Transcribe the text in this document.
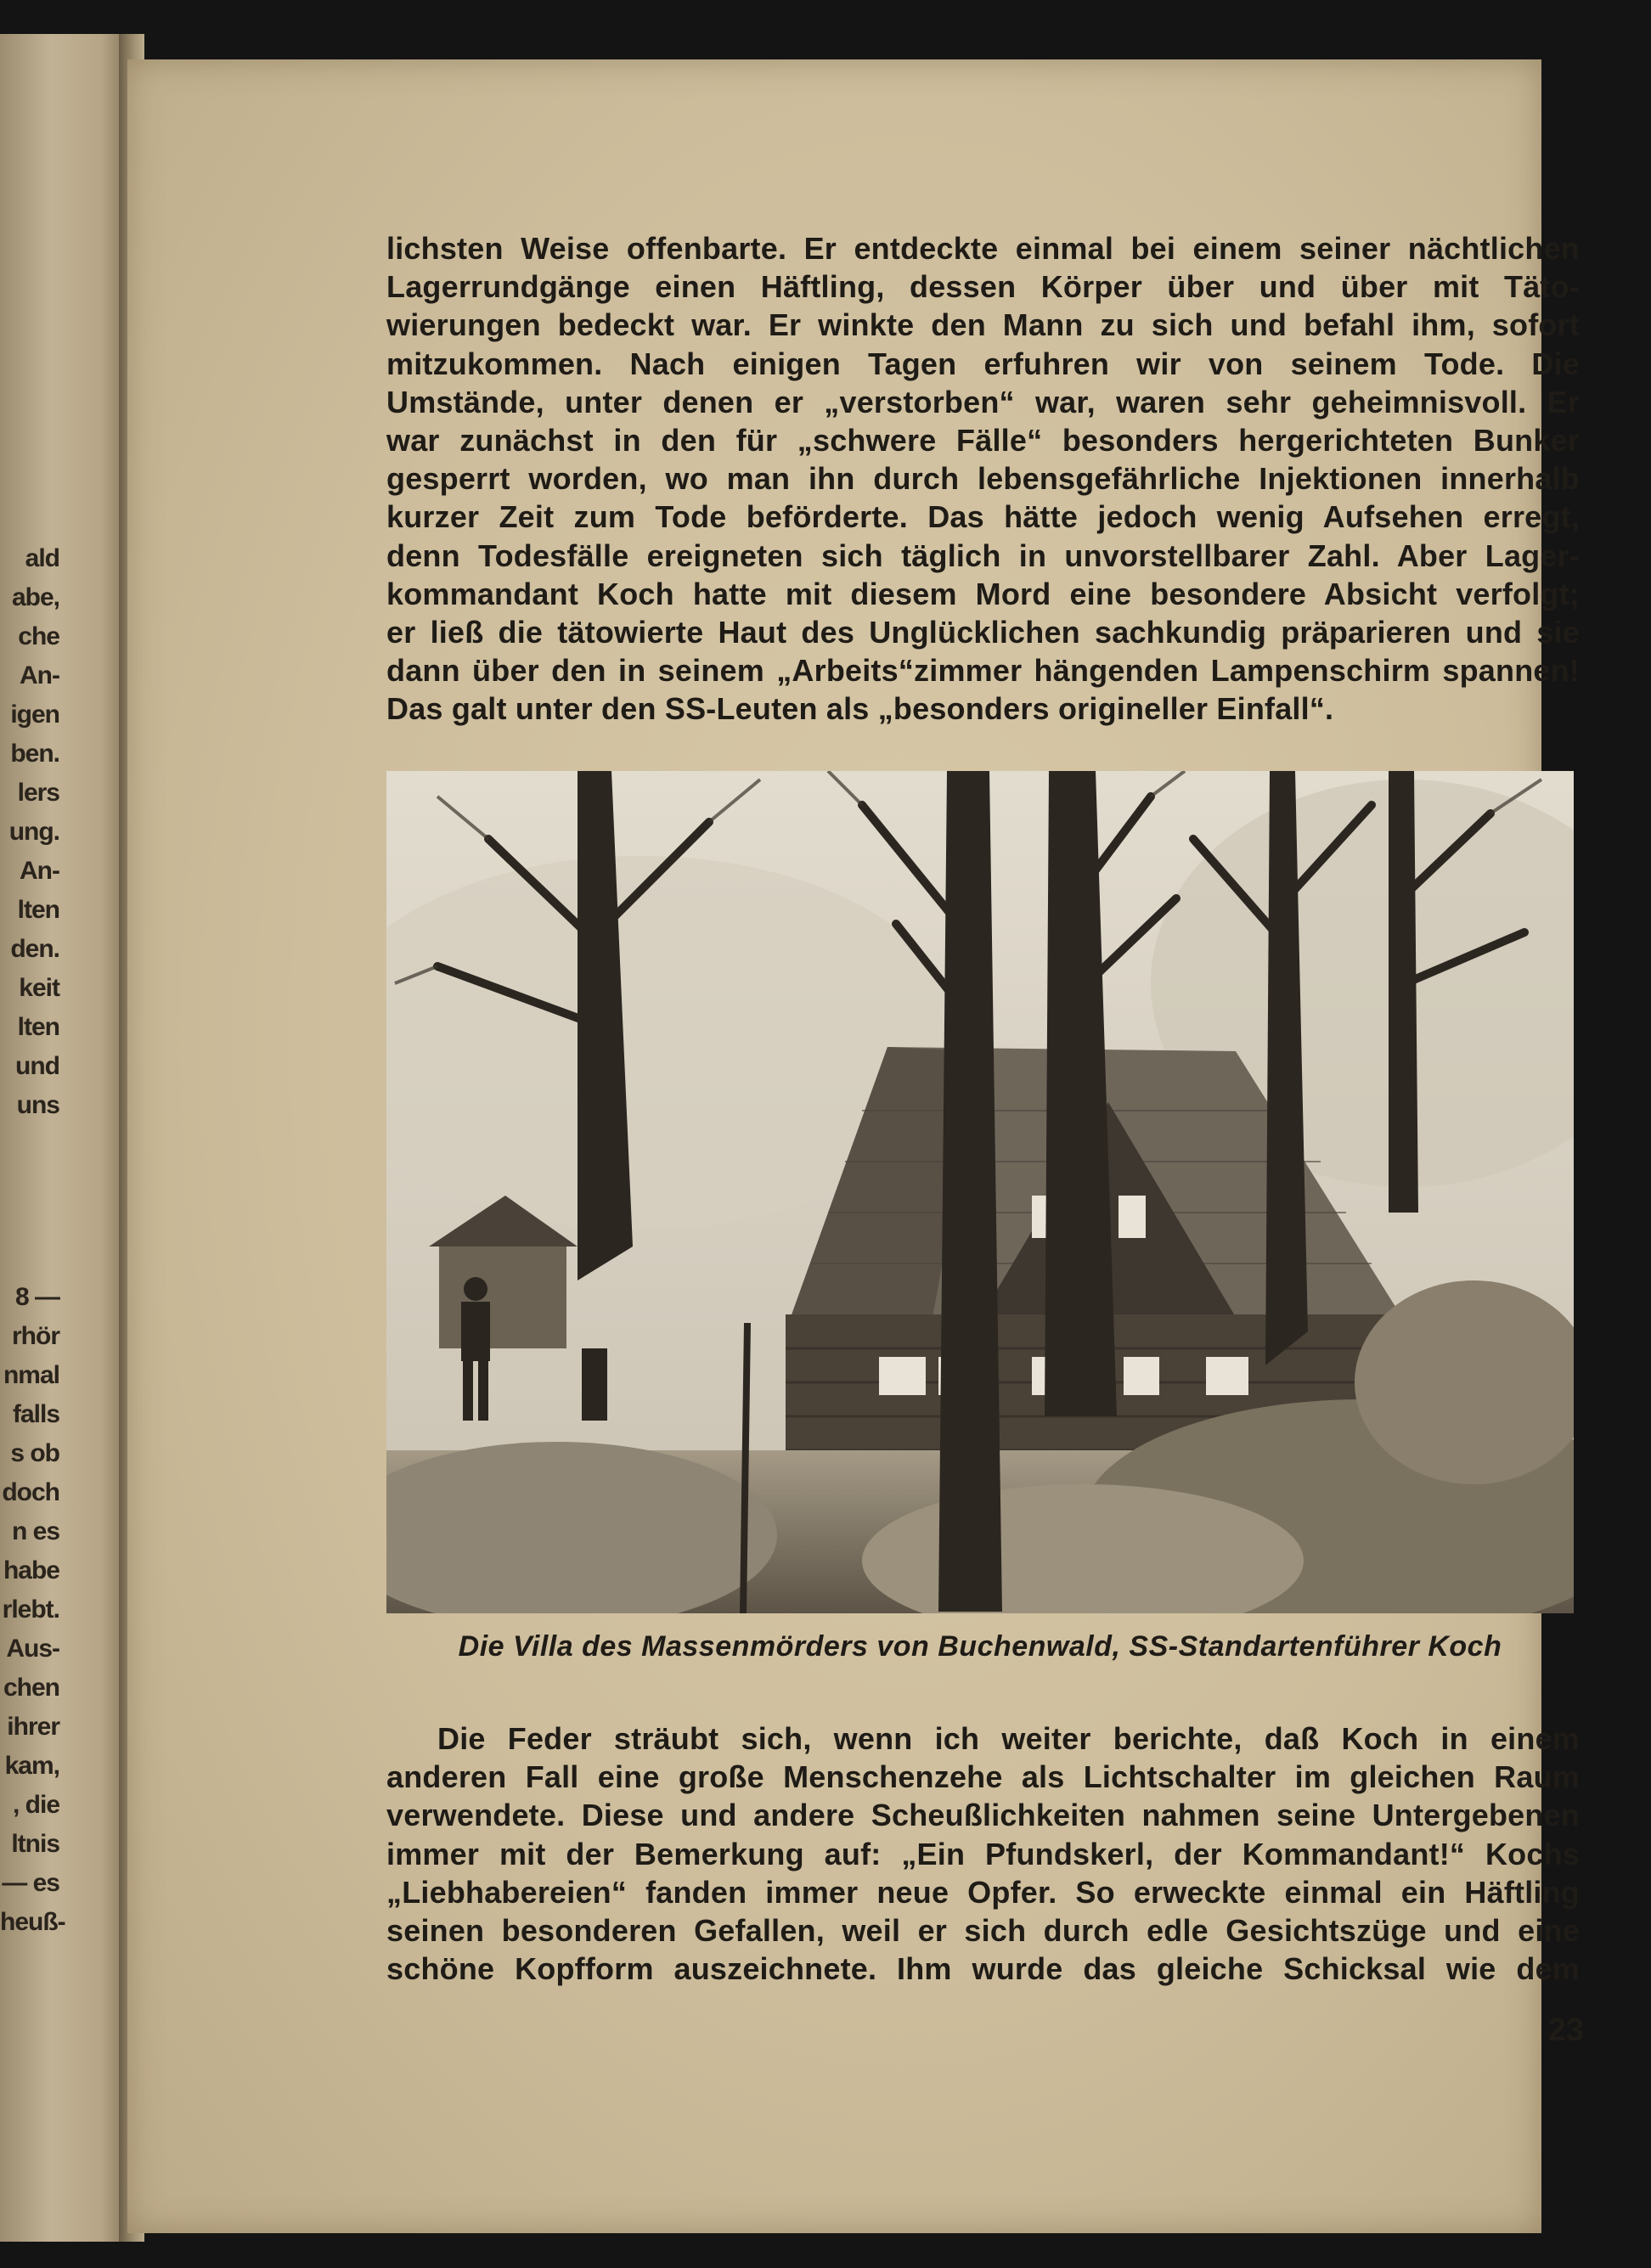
ald
abe,
che
An-
igen
ben.
lers
ung.
An-
lten
den.
keit
lten
und
uns
8 —
rhör
nmal
falls
s ob
doch
n es
habe
rlebt.
Aus-
chen
ihrer
kam,
, die
ltnis
— es
heuß-
lichsten Weise offenbarte. Er entdeckte einmal bei einem seiner nächtlichen
Lagerrundgänge einen Häftling, dessen Körper über und über mit Täto-
wierungen bedeckt war. Er winkte den Mann zu sich und befahl ihm, sofort
mitzukommen. Nach einigen Tagen erfuhren wir von seinem Tode. Die
Umstände, unter denen er „verstorben“ war, waren sehr geheimnisvoll. Er
war zunächst in den für „schwere Fälle“ besonders hergerichteten Bunker
gesperrt worden, wo man ihn durch lebensgefährliche Injektionen innerhalb
kurzer Zeit zum Tode beförderte. Das hätte jedoch wenig Aufsehen erregt,
denn Todesfälle ereigneten sich täglich in unvorstellbarer Zahl. Aber Lager-
kommandant Koch hatte mit diesem Mord eine besondere Absicht verfolgt;
er ließ die tätowierte Haut des Unglücklichen sachkundig präparieren und sie
dann über den in seinem „Arbeits“zimmer hängenden Lampenschirm spannen!
Das galt unter den SS-Leuten als „besonders origineller Einfall“.
Die Villa des Massenmörders von Buchenwald, SS-Standartenführer Koch
Die Feder sträubt sich, wenn ich weiter berichte, daß Koch in einem
anderen Fall eine große Menschenzehe als Lichtschalter im gleichen Raum
verwendete. Diese und andere Scheußlichkeiten nahmen seine Untergebenen
immer mit der Bemerkung auf: „Ein Pfundskerl, der Kommandant!“ Kochs
„Liebhabereien“ fanden immer neue Opfer. So erweckte einmal ein Häftling
seinen besonderen Gefallen, weil er sich durch edle Gesichtszüge und eine
schöne Kopfform auszeichnete. Ihm wurde das gleiche Schicksal wie dem
23
